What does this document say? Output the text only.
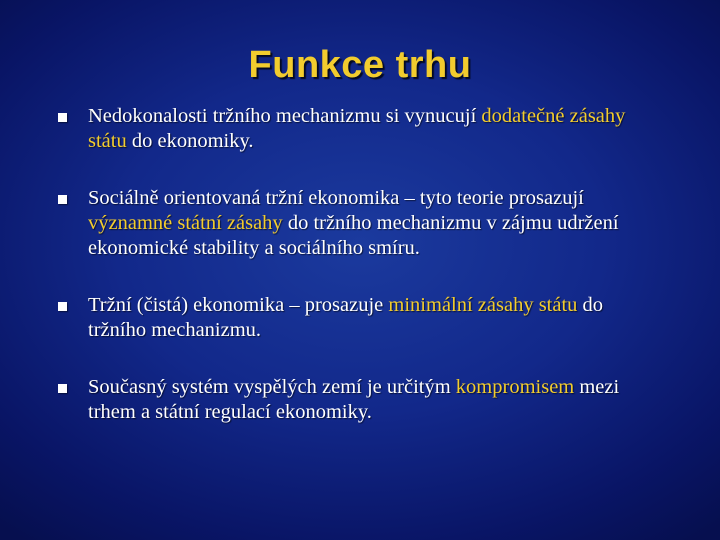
Funkce trhu
Nedokonalosti tržního mechanizmu si vynucují dodatečné zásahy státu do ekonomiky.
Sociálně orientovaná tržní ekonomika – tyto teorie prosazují významné státní zásahy do tržního mechanizmu v zájmu udržení ekonomické stability a sociálního smíru.
Tržní (čistá) ekonomika – prosazuje minimální zásahy státu do tržního mechanizmu.
Současný systém vyspělých zemí je určitým kompromisem mezi trhem a státní regulací ekonomiky.
